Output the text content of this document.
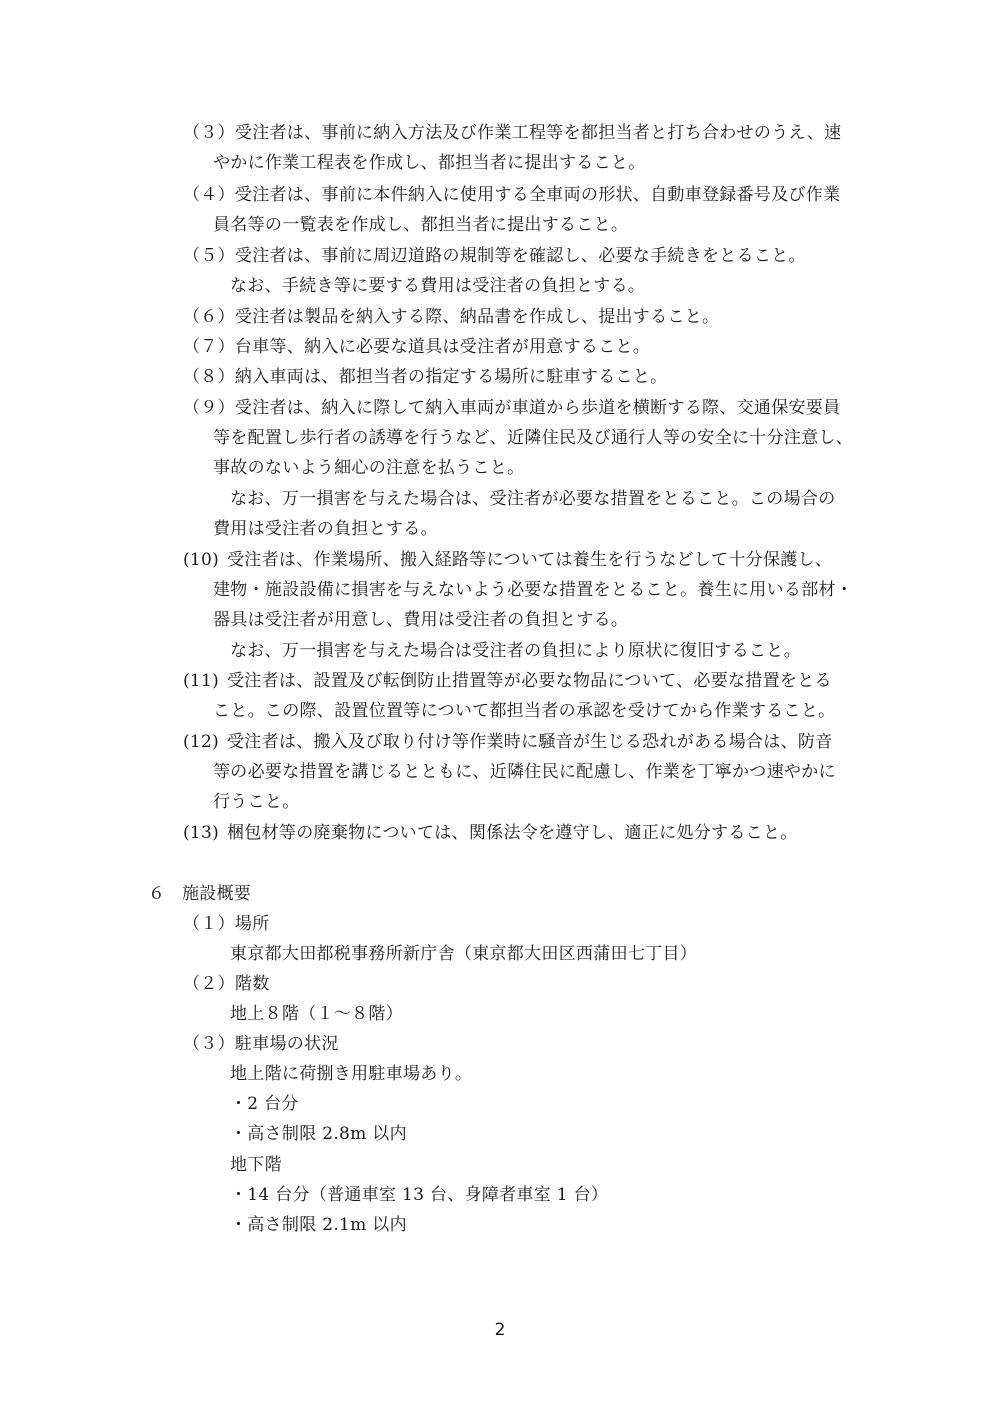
（３）受注者は、事前に納入方法及び作業工程等を都担当者と打ち合わせのうえ、速
やかに作業工程表を作成し、都担当者に提出すること。
（４）受注者は、事前に本件納入に使用する全車両の形状、自動車登録番号及び作業
員名等の一覧表を作成し、都担当者に提出すること。
（５）受注者は、事前に周辺道路の規制等を確認し、必要な手続きをとること。
なお、手続き等に要する費用は受注者の負担とする。
（６）受注者は製品を納入する際、納品書を作成し、提出すること。
（７）台車等、納入に必要な道具は受注者が用意すること。
（８）納入車両は、都担当者の指定する場所に駐車すること。
（９）受注者は、納入に際して納入車両が車道から歩道を横断する際、交通保安要員
等を配置し歩行者の誘導を行うなど、近隣住民及び通行人等の安全に十分注意し、
事故のないよう細心の注意を払うこと。
なお、万一損害を与えた場合は、受注者が必要な措置をとること。この場合の
費用は受注者の負担とする。
(10) 受注者は、作業場所、搬入経路等については養生を行うなどして十分保護し、
建物・施設設備に損害を与えないよう必要な措置をとること。養生に用いる部材・
器具は受注者が用意し、費用は受注者の負担とする。
なお、万一損害を与えた場合は受注者の負担により原状に復旧すること。
(11) 受注者は、設置及び転倒防止措置等が必要な物品について、必要な措置をとる
こと。この際、設置位置等について都担当者の承認を受けてから作業すること。
(12) 受注者は、搬入及び取り付け等作業時に騒音が生じる恐れがある場合は、防音
等の必要な措置を講じるとともに、近隣住民に配慮し、作業を丁寧かつ速やかに
行うこと。
(13) 梱包材等の廃棄物については、関係法令を遵守し、適正に処分すること。
６ 施設概要
（１）場所
東京都大田都税事務所新庁舎（東京都大田区西蒲田七丁目）
（２）階数
地上８階（１～８階）
（３）駐車場の状況
地上階に荷捌き用駐車場あり。
・2 台分
・高さ制限 2.8m 以内
地下階
・14 台分（普通車室 13 台、身障者車室 1 台）
・高さ制限 2.1m 以内
2
